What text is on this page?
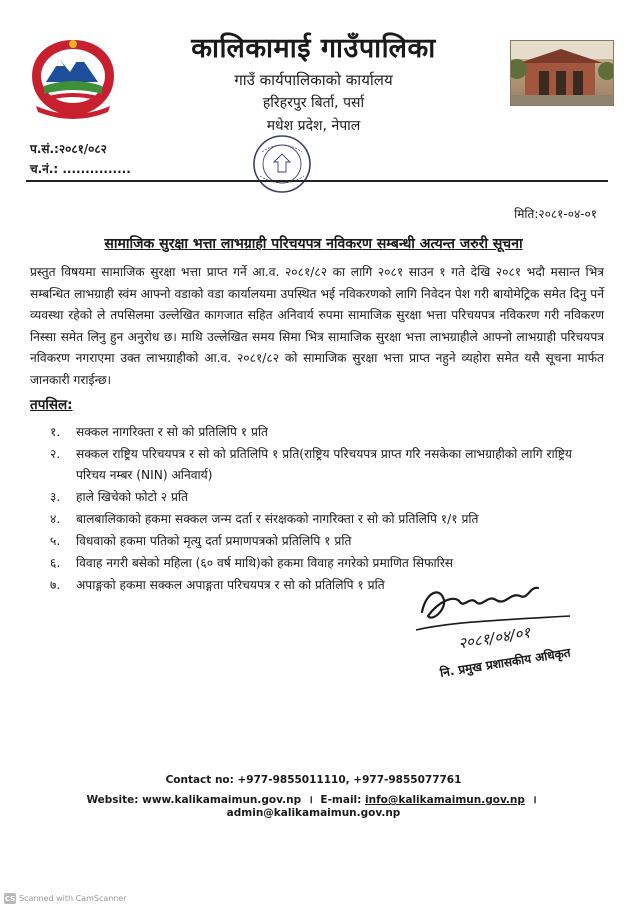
कालिकामाई गाउँपालिका
गाउँ कार्यपालिकाको कार्यालय
हरिहरपुर बिर्ता, पर्सा
मधेश प्रदेश, नेपाल
प.सं.:२०८१/०८२
च.नं.: ...............
मिति:२०८१-०४-०१
सामाजिक सुरक्षा भत्ता लाभग्राही परिचयपत्र नविकरण सम्बन्धी अत्यन्त जरुरी सूचना
प्रस्तुत विषयमा सामाजिक सुरक्षा भत्ता प्राप्त गर्ने आ.व. २०८१/८२ का लागि २०८१ साउन १ गते देखि २०८१ भदौ मसान्त भित्र सम्बन्धित लाभग्राही स्वंम आफ्नो वडाको वडा कार्यालयमा उपस्थित भई नविकरणको लागि निवेदन पेश गरी बायोमेट्रिक समेत दिनु पर्ने व्यवस्था रहेको ले तपसिलमा उल्लेखित कागजात सहित अनिवार्य रुपमा सामाजिक सुरक्षा भत्ता परिचयपत्र नविकरण गरी नविकरण निस्सा समेत लिनु हुन अनुरोध छ। माथि उल्लेखित समय सिमा भित्र सामाजिक सुरक्षा भत्ता लाभग्राहीले आफ्नो लाभग्राही परिचयपत्र नविकरण नगराएमा उक्त लाभग्राहीको आ.व. २०८१/८२ को सामाजिक सुरक्षा भत्ता प्राप्त नहुने व्यहोरा समेत यसै सूचना मार्फत जानकारी गराईन्छ।
तपसिल:
१.	सक्कल नागरिक्ता र सो को प्रतिलिपि १ प्रति
२.	सक्कल राष्ट्रिय परिचयपत्र र सो को प्रतिलिपि १ प्रति(राष्ट्रिय परिचयपत्र प्राप्त गरि नसकेका लाभग्राहीको लागि राष्ट्रिय परिचय नम्बर (NIN) अनिवार्य)
३.	हाले खिचेको फोटो २ प्रति
४.	बालबालिकाको हकमा सक्कल जन्म दर्ता र संरक्षकको नागरिक्ता र सो को प्रतिलिपि १/१ प्रति
५.	विधवाको हकमा पतिको मृत्यु दर्ता प्रमाणपत्रको प्रतिलिपि १ प्रति
६.	विवाह नगरी बसेको महिला (६० वर्ष माथि)को हकमा विवाह नगरेको प्रमाणित सिफारिस
७.	अपाङ्गको हकमा सक्कल अपाङ्गता परिचयपत्र र सो को प्रतिलिपि १ प्रति
२०८१/०४/०१
नि. प्रमुख प्रशासकीय अधिकृत
Contact no: +977-9855011110, +977-9855077761
Website: www.kalikamaimun.gov.np । E-mail: info@kalikamaimun.gov.np । admin@kalikamaimun.gov.np
CS Scanned with CamScanner
